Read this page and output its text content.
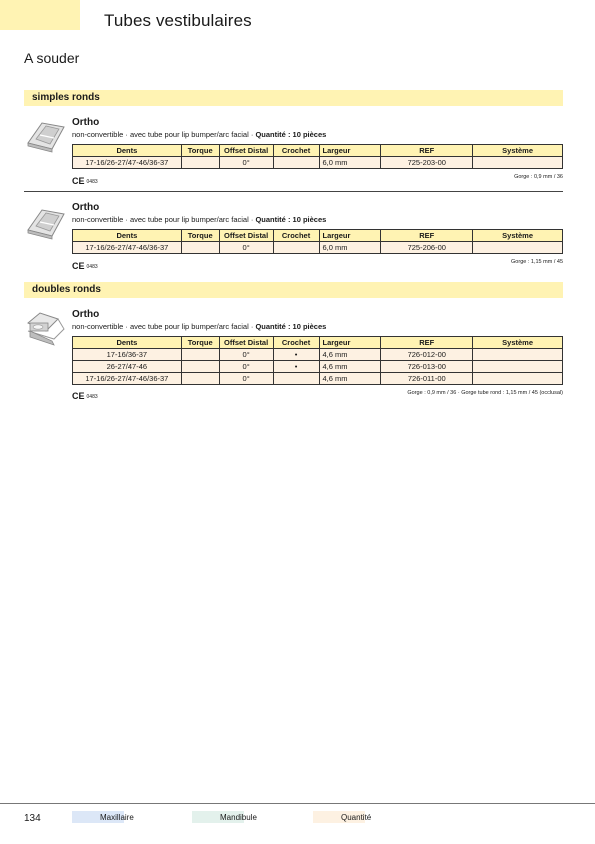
Tubes vestibulaires
A souder
simples ronds
Ortho
non-convertible · avec tube pour lip bumper/arc facial · Quantité : 10 pièces
Dents	Torque	Offset Distal	Crochet	Largeur	REF	Système
17-16/26-27/47-46/36-37		0°		6,0 mm	725-203-00	
CE 0483
Gorge : 0,9 mm / 36
Ortho
non-convertible · avec tube pour lip bumper/arc facial · Quantité : 10 pièces
Dents	Torque	Offset Distal	Crochet	Largeur	REF	Système
17-16/26-27/47-46/36-37		0°		6,0 mm	725-206-00	
CE 0483
Gorge : 1,15 mm / 45
doubles ronds
Ortho
non-convertible · avec tube pour lip bumper/arc facial · Quantité : 10 pièces
Dents	Torque	Offset Distal	Crochet	Largeur	REF	Système
17-16/36-37		0°	•	4,6 mm	726-012-00	
26-27/47-46		0°	•	4,6 mm	726-013-00	
17-16/26-27/47-46/36-37		0°		4,6 mm	726-011-00	
CE 0483
Gorge : 0,9 mm / 36 · Gorge tube rond : 1,15 mm / 45 (occlusal)
134	Maxillaire	Mandibule	Quantité
